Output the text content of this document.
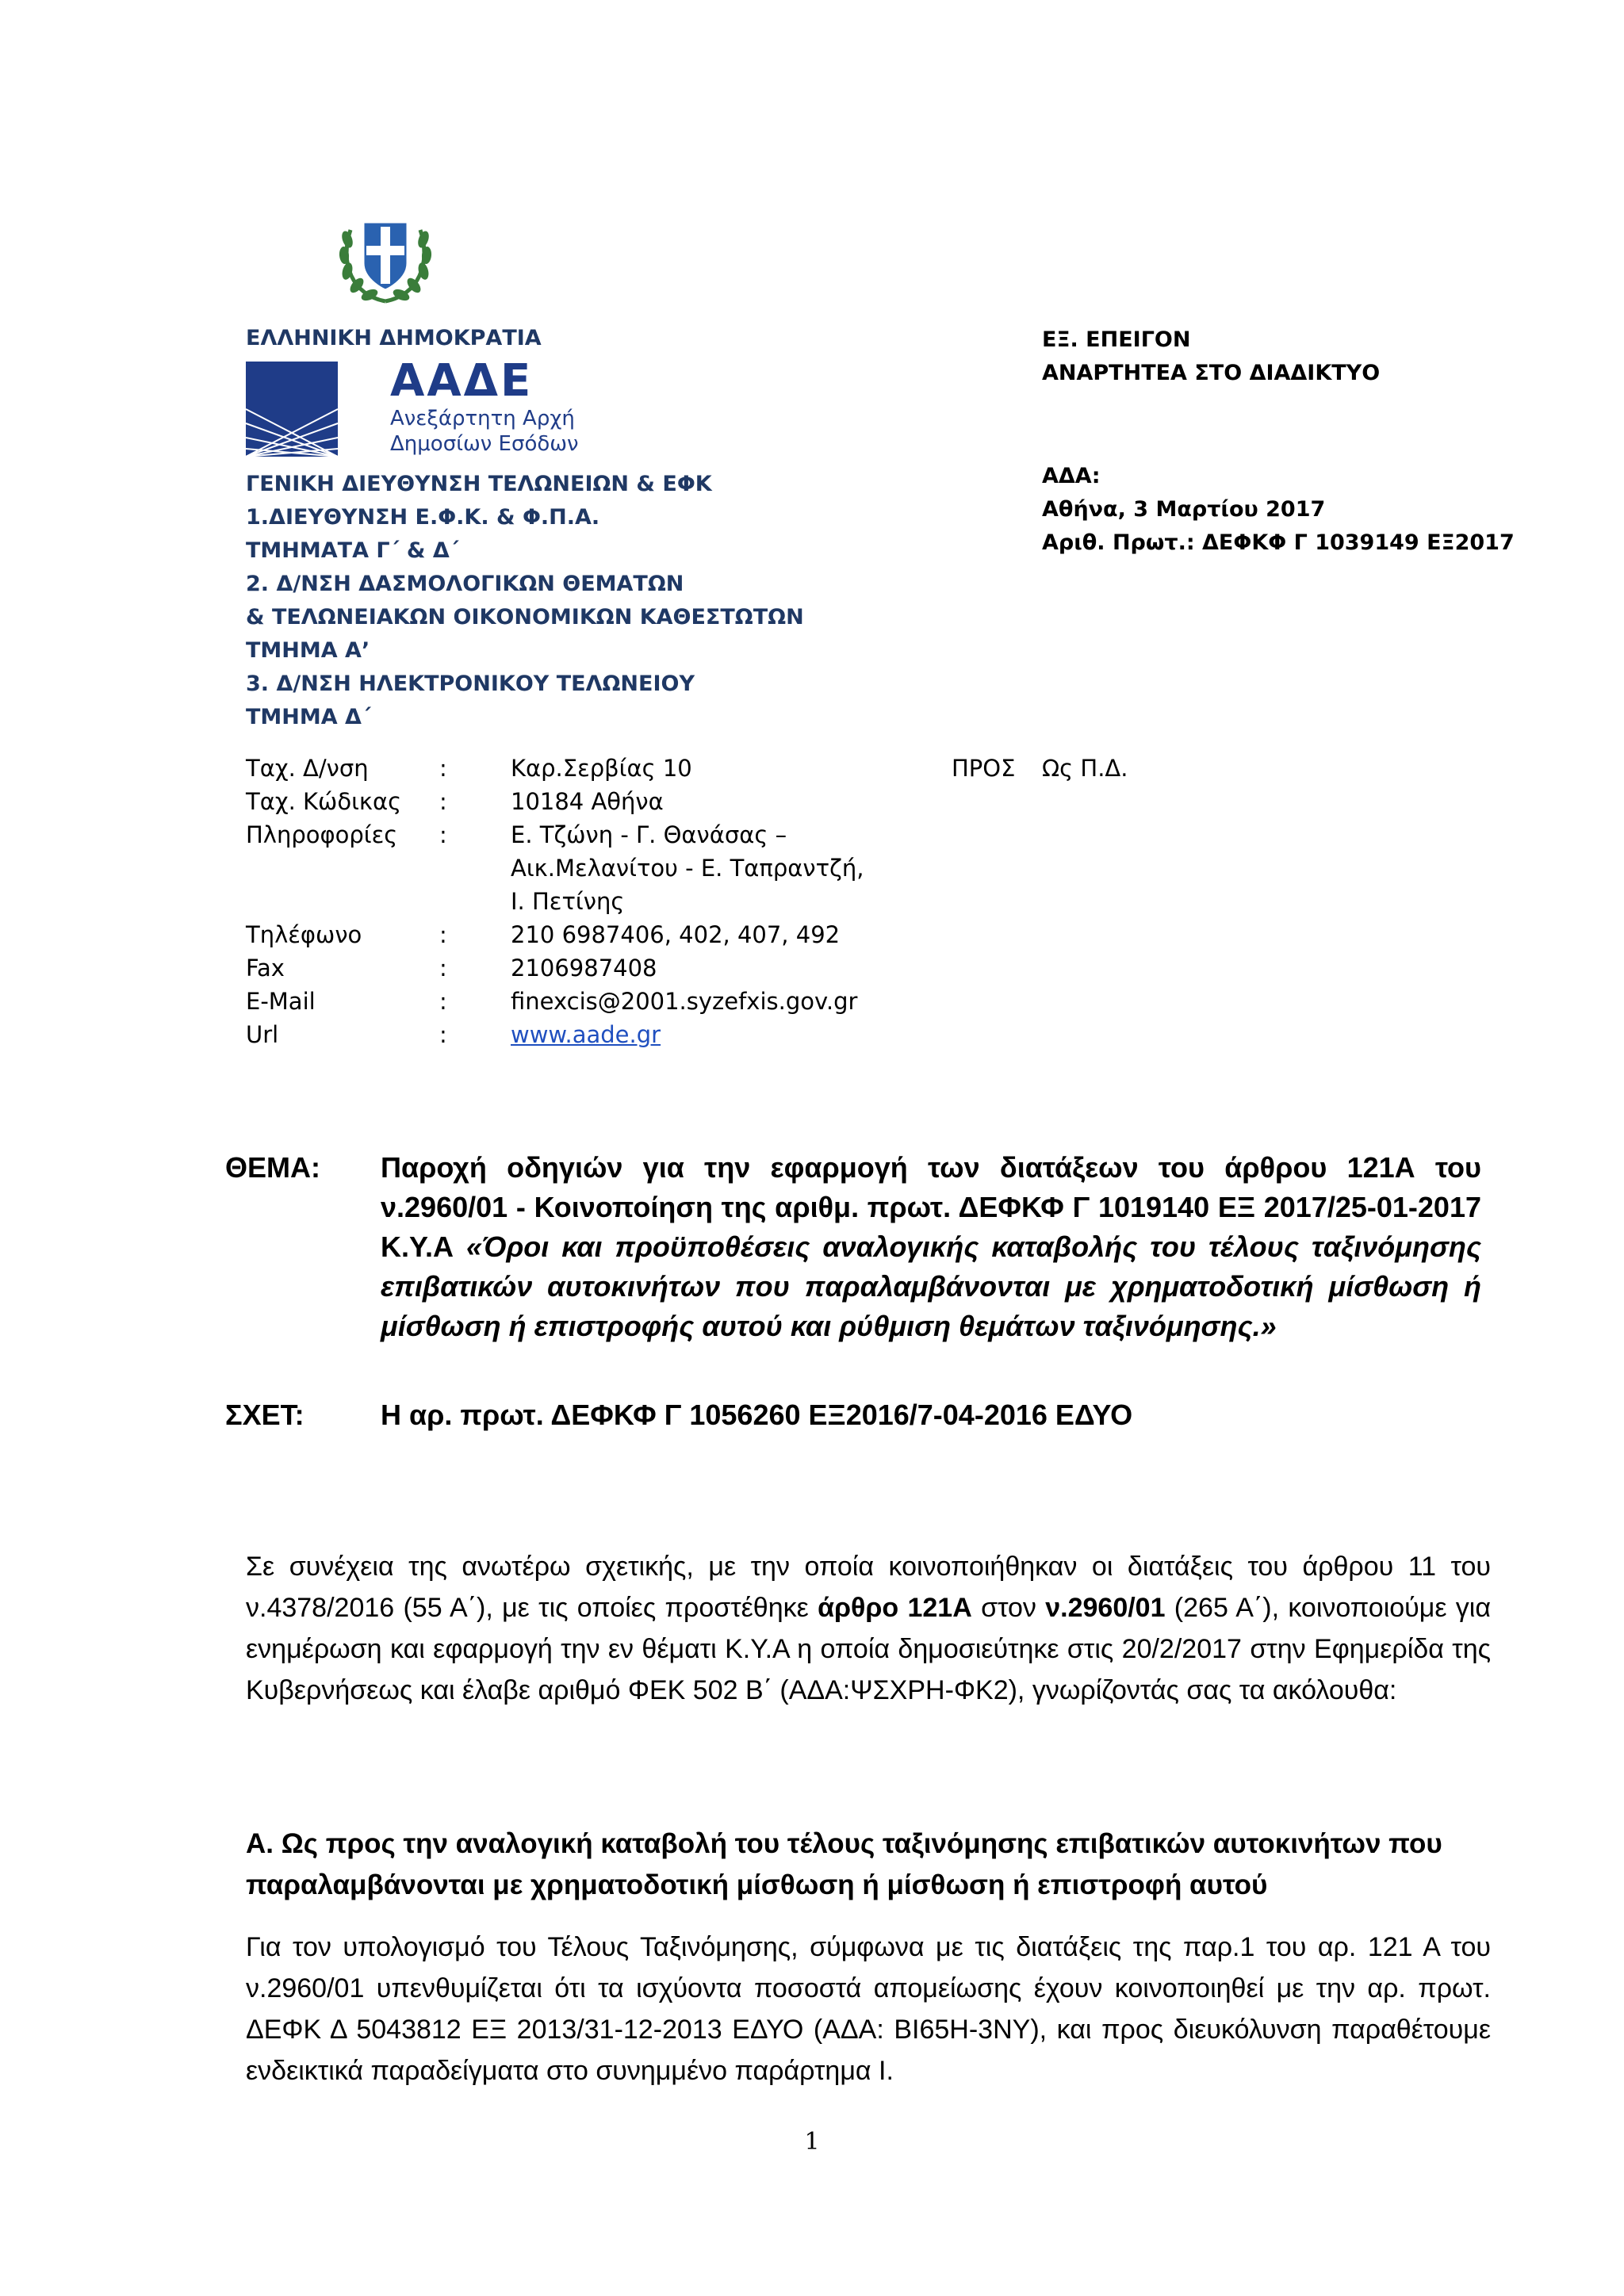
ΕΛΛΗΝΙΚΗ ΔΗΜΟΚΡΑΤΙΑ
ΑΑΔΕ
Ανεξάρτητη Αρχή
Δημοσίων Εσόδων
ΓΕΝΙΚΗ ΔΙΕΥΘΥΝΣΗ ΤΕΛΩΝΕΙΩΝ & ΕΦΚ
1.ΔΙΕΥΘΥΝΣΗ Ε.Φ.Κ. & Φ.Π.Α.
ΤΜΗΜΑΤΑ Γ΄ & Δ΄
2. Δ/ΝΣΗ ΔΑΣΜΟΛΟΓΙΚΩΝ ΘΕΜΑΤΩΝ
& ΤΕΛΩΝΕΙΑΚΩΝ ΟΙΚΟΝΟΜΙΚΩΝ ΚΑΘΕΣΤΩΤΩΝ
ΤΜΗΜΑ Α’
3. Δ/ΝΣΗ ΗΛΕΚΤΡΟΝΙΚΟΥ ΤΕΛΩΝΕΙΟΥ
ΤΜΗΜΑ Δ΄
ΕΞ. ΕΠΕΙΓΟΝ
ΑΝΑΡΤΗΤΕΑ ΣΤΟ ΔΙΑΔΙΚΤΥΟ
ΑΔΑ:
Αθήνα, 3 Μαρτίου 2017
Αριθ. Πρωτ.: ΔΕΦΚΦ Γ 1039149 ΕΞ2017
Ταχ. Δ/νση	:	Καρ.Σερβίας 10
Ταχ. Κώδικας	:	10184 Αθήνα
Πληροφορίες	:	Ε. Τζώνη - Γ. Θανάσας –
Αικ.Μελανίτου - Ε. Ταπραντζή,
Ι. Πετίνης
Τηλέφωνο	:	210 6987406, 402, 407, 492
Fax	:	2106987408
E-Mail	:	finexcis@2001.syzefxis.gov.gr
Url	:	www.aade.gr
ΠΡΟΣ Ως Π.Δ.
ΘΕΜΑ: Παροχή οδηγιών για την εφαρμογή των διατάξεων του άρθρου 121Α του ν.2960/01 - Κοινοποίηση της αριθμ. πρωτ. ΔΕΦΚΦ Γ 1019140 ΕΞ 2017/25-01-2017 Κ.Υ.Α «Όροι και προϋποθέσεις αναλογικής καταβολής του τέλους ταξινόμησης επιβατικών αυτοκινήτων που παραλαμβάνονται με χρηματοδοτική μίσθωση ή μίσθωση ή επιστροφής αυτού και ρύθμιση θεμάτων ταξινόμησης.»
ΣΧΕΤ:	Η αρ. πρωτ. ΔΕΦΚΦ Γ 1056260 ΕΞ2016/7-04-2016 ΕΔΥΟ
Σε συνέχεια της ανωτέρω σχετικής, με την οποία κοινοποιήθηκαν οι διατάξεις του άρθρου 11 του ν.4378/2016 (55 Α΄), με τις οποίες προστέθηκε άρθρο 121Α στον ν.2960/01 (265 Α΄), κοινοποιούμε για ενημέρωση και εφαρμογή την εν θέματι Κ.Υ.Α η οποία δημοσιεύτηκε στις 20/2/2017 στην Εφημερίδα της Κυβερνήσεως και έλαβε αριθμό ΦΕΚ 502 Β΄ (ΑΔΑ:ΨΣΧΡΗ-ΦΚ2), γνωρίζοντάς σας τα ακόλουθα:
Α. Ως προς την αναλογική καταβολή του τέλους ταξινόμησης επιβατικών αυτοκινήτων που παραλαμβάνονται με χρηματοδοτική μίσθωση ή μίσθωση ή επιστροφή αυτού
Για τον υπολογισμό του Τέλους Ταξινόμησης, σύμφωνα με τις διατάξεις της παρ.1 του αρ. 121 Α του ν.2960/01 υπενθυμίζεται ότι τα ισχύοντα ποσοστά απομείωσης έχουν κοινοποιηθεί με την αρ. πρωτ. ΔΕΦΚ Δ 5043812 ΕΞ 2013/31-12-2013 ΕΔΥΟ (ΑΔΑ: ΒΙ65Η-3ΝΥ), και προς διευκόλυνση παραθέτουμε ενδεικτικά παραδείγματα στο συνημμένο παράρτημα Ι.
1
